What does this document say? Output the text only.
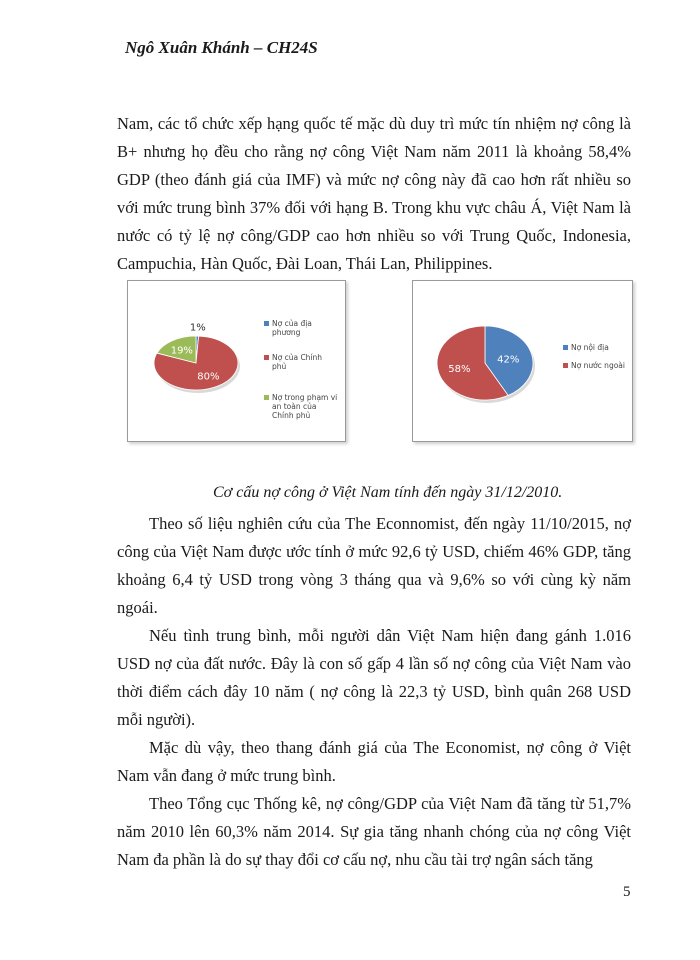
Ngô Xuân Khánh – CH24S

Nam, các tổ chức xếp hạng quốc tế mặc dù duy trì mức tín nhiệm nợ công là B+ nhưng họ đều cho rằng nợ công Việt Nam năm 2011 là khoảng 58,4% GDP (theo đánh giá của IMF) và mức nợ công này đã cao hơn rất nhiều so với mức trung bình 37% đối với hạng B. Trong khu vực châu Á, Việt Nam là nước có tỷ lệ nợ công/GDP cao hơn nhiều so với Trung Quốc, Indonesia, Campuchia, Hàn Quốc, Đài Loan, Thái Lan, Philippines.

1%
80%
19%
Nợ của địa phương
Nợ của Chính phủ
Nợ trong phạm vi an toàn của Chính phủ
42%
58%
Nợ nội địa
Nợ nước ngoài
Cơ cấu nợ công ở Việt Nam tính đến ngày 31/12/2010.

Theo số liệu nghiên cứu của The Econnomist, đến ngày 11/10/2015, nợ công của Việt Nam được ước tính ở mức 92,6 tỷ USD, chiếm 46% GDP, tăng khoảng 6,4 tỷ USD trong vòng 3 tháng qua và 9,6% so với cùng kỳ năm ngoái.

Nếu tình trung bình, mỗi người dân Việt Nam hiện đang gánh 1.016 USD nợ của đất nước. Đây là con số gấp 4 lần số nợ công của Việt Nam vào thời điểm cách đây 10 năm ( nợ công là 22,3 tỷ USD, bình quân 268 USD mỗi người).

Mặc dù vậy, theo thang đánh giá của The Economist, nợ công ở Việt Nam vẫn đang ở mức trung bình.

Theo Tổng cục Thống kê, nợ công/GDP của Việt Nam đã tăng từ 51,7% năm 2010 lên 60,3% năm 2014. Sự gia tăng nhanh chóng của nợ công Việt Nam đa phần là do sự thay đổi cơ cấu nợ, nhu cầu tài trợ ngân sách tăng

5
